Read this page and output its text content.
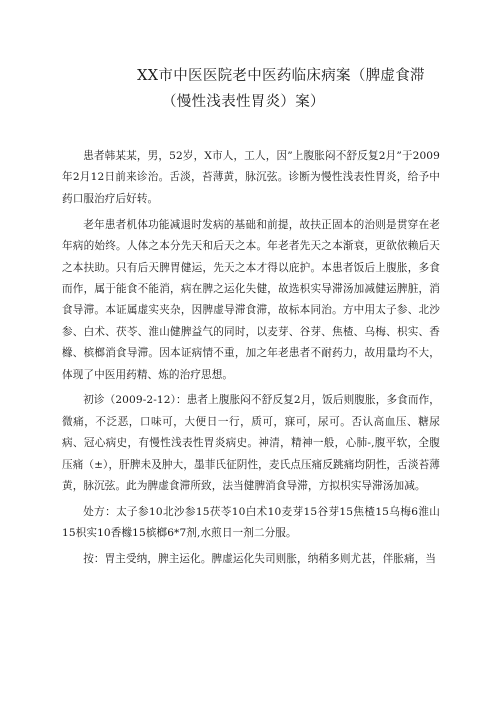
XX市中医医院老中医药临床病案（脾虚食滞
（慢性浅表性胃炎）案）

患者韩某某，男，52岁，X市人，工人，因”上腹胀闷不舒反复2月”于2009年2月12日前来诊治。舌淡，苔薄黄，脉沉弦。诊断为慢性浅表性胃炎，给予中药口服治疗后好转。

老年患者机体功能减退时发病的基础和前提，故扶正固本的治则是贯穿在老年病的始终。人体之本分先天和后天之本。年老者先天之本渐衰，更欲依赖后天之本扶助。只有后天脾胃健运，先天之本才得以庇护。本患者饭后上腹胀，多食而作，属于能食不能消，病在脾之运化失健，故选枳实导滞汤加减健运脾脏，消食导滞。本证属虚实夹杂，因脾虚导滞食滞，故标本同治。方中用太子参、北沙参、白术、茯苓、淮山健脾益气的同时，以麦芽、谷芽、焦楂、乌梅、枳实、香橼、槟榔消食导滞。因本证病情不重，加之年老患者不耐药力，故用量均不大，体现了中医用药精、炼的治疗思想。

初诊（2009-2-12）：患者上腹胀闷不舒反复2月，饭后则腹胀，多食而作，微痛，不泛恶，口味可，大便日一行，质可，寐可，尿可。否认高血压、糖尿病、冠心病史，有慢性浅表性胃炎病史。神清，精神一般，心肺-,腹平软，全腹压痛（±），肝脾未及肿大，墨菲氏征阴性，麦氏点压痛反跳痛均阴性，舌淡苔薄黄，脉沉弦。此为脾虚食滞所致，法当健脾消食导滞，方拟枳实导滞汤加减。

处方：太子参10北沙参15茯苓10白术10麦芽15谷芽15焦楂15乌梅6淮山15枳实10香橼15槟榔6*7剂,水煎日一剂二分服。

按：胃主受纳，脾主运化。脾虚运化失司则胀，纳稍多则尤甚，伴胀痛，当
